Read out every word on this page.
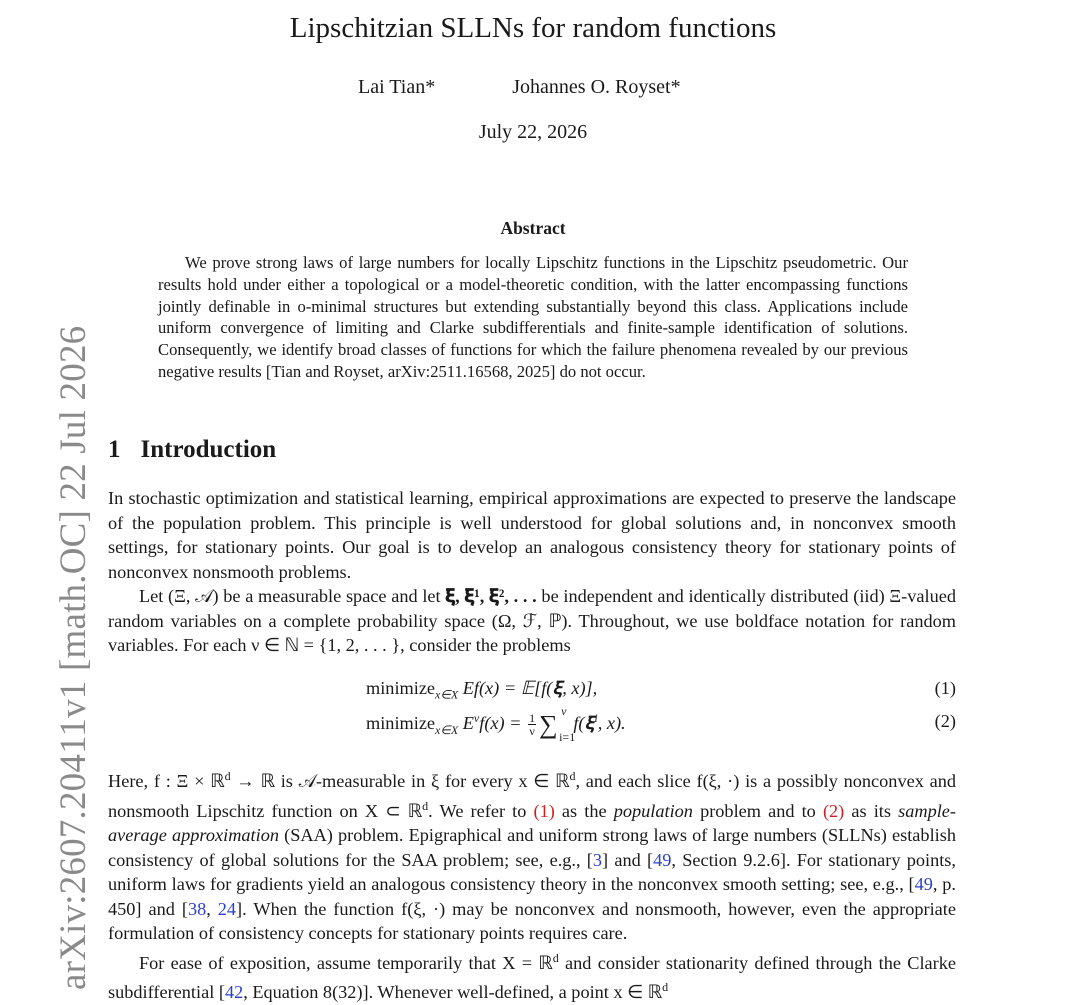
arXiv:2607.20411v1 [math.OC] 22 Jul 2026
Lipschitzian SLLNs for random functions
Lai Tian*	Johannes O. Royset*
July 22, 2026
Abstract

We prove strong laws of large numbers for locally Lipschitz functions in the Lipschitz pseudometric. Our results hold under either a topological or a model-theoretic condition, with the latter encompassing functions jointly definable in o-minimal structures but extending substantially beyond this class. Applications include uniform convergence of limiting and Clarke subdifferentials and finite-sample identification of solutions. Consequently, we identify broad classes of functions for which the failure phenomena revealed by our previous negative results [Tian and Royset, arXiv:2511.16568, 2025] do not occur.

1 Introduction

In stochastic optimization and statistical learning, empirical approximations are expected to preserve the landscape of the population problem. This principle is well understood for global solutions and, in nonconvex smooth settings, for stationary points. Our goal is to develop an analogous consistency theory for stationary points of nonconvex nonsmooth problems.

Let (Ξ, 𝒜) be a measurable space and let 𝛏, 𝛏¹, 𝛏², . . . be independent and identically distributed (iid) Ξ-valued random variables on a complete probability space (Ω, ℱ, ℙ). Throughout, we use boldface notation for random variables. For each ν ∈ ℕ = {1, 2, . . . }, consider the problems

minimize$_{x\in X}$ Ef(x) = 𝔼[f(𝛏, x)],	(1)
minimize$_{x\in X}$ $E^\nu f(x) = \frac{1}{\nu}$ ∑ ν
i=1
f(𝛏$^i$, x).	(2)

Here, f : Ξ × ℝ$^d$ → ℝ is 𝒜-measurable in ξ for every x ∈ ℝ$^d$, and each slice f(ξ, ·) is a possibly nonconvex and nonsmooth Lipschitz function on X ⊂ ℝ$^d$. We refer to (1) as the population problem and to (2) as its sample-average approximation (SAA) problem. Epigraphical and uniform strong laws of large numbers (SLLNs) establish consistency of global solutions for the SAA problem; see, e.g., [3] and [49, Section 9.2.6]. For stationary points, uniform laws for gradients yield an analogous consistency theory in the nonconvex smooth setting; see, e.g., [49, p. 450] and [38, 24]. When the function f(ξ, ·) may be nonconvex and nonsmooth, however, even the appropriate formulation of consistency concepts for stationary points requires care.

For ease of exposition, assume temporarily that X = ℝ$^d$ and consider stationarity defined through the Clarke subdifferential [42, Equation 8(32)]. Whenever well-defined, a point x ∈ ℝ$^d$
